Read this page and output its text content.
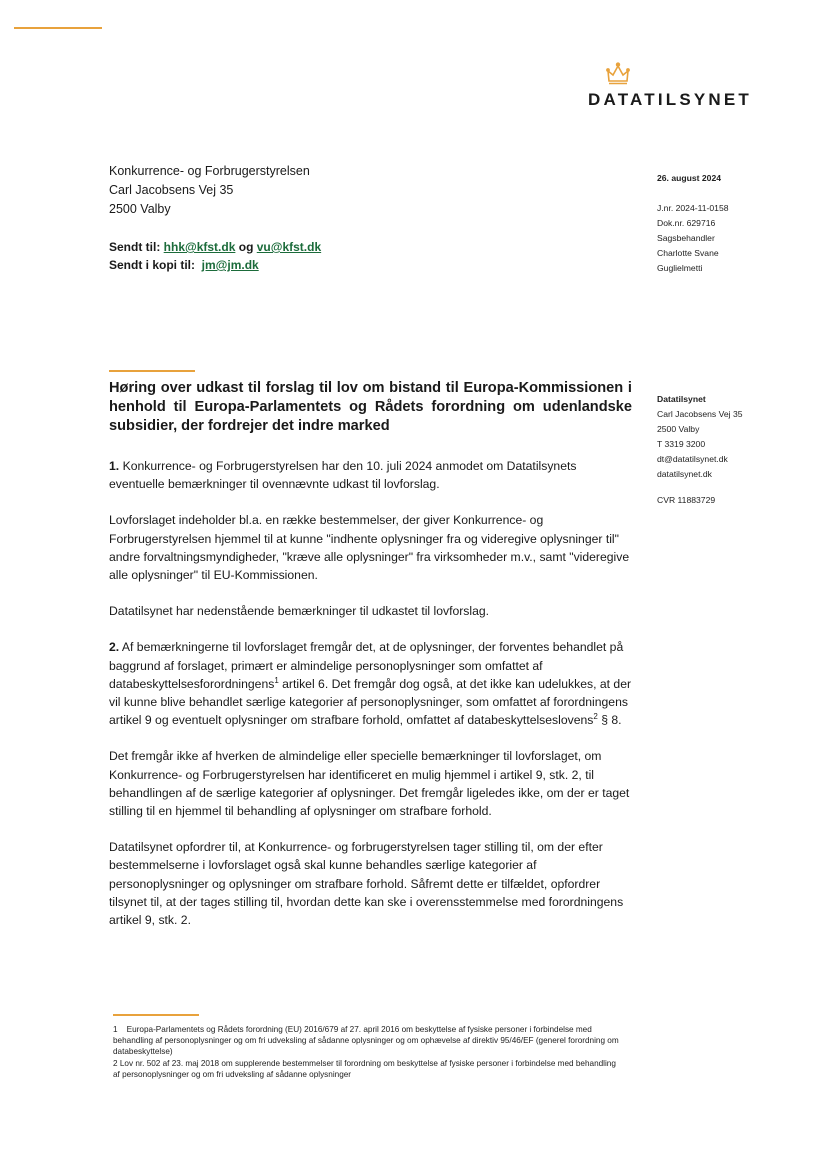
DATATILSYNET
Konkurrence- og Forbrugerstyrelsen
Carl Jacobsens Vej 35
2500 Valby
Sendt til: hhk@kfst.dk og vu@kfst.dk
Sendt i kopi til: jm@jm.dk
26. august 2024
J.nr. 2024-11-0158
Dok.nr. 629716
Sagsbehandler
Charlotte Svane
Guglielmetti
Datatilsynet
Carl Jacobsens Vej 35
2500 Valby
T 3319 3200
dt@datatilsynet.dk
datatilsynet.dk
CVR 11883729
Høring over udkast til forslag til lov om bistand til Europa-Kommissionen i henhold til Europa-Parlamentets og Rådets forordning om udenlandske subsidier, der fordrejer det indre marked

1. Konkurrence- og Forbrugerstyrelsen har den 10. juli 2024 anmodet om Datatilsynets eventuelle bemærkninger til ovennævnte udkast til lovforslag.

Lovforslaget indeholder bl.a. en række bestemmelser, der giver Konkurrence- og Forbrugerstyrelsen hjemmel til at kunne "indhente oplysninger fra og videregive oplysninger til" andre forvaltningsmyndigheder, "kræve alle oplysninger" fra virksomheder m.v., samt "videregive alle oplysninger" til EU-Kommissionen.

Datatilsynet har nedenstående bemærkninger til udkastet til lovforslag.

2. Af bemærkningerne til lovforslaget fremgår det, at de oplysninger, der forventes behandlet på baggrund af forslaget, primært er almindelige personoplysninger som omfattet af databeskyttelsesforordningens$^1$ artikel 6. Det fremgår dog også, at det ikke kan udelukkes, at der vil kunne blive behandlet særlige kategorier af personoplysninger, som omfattet af forordningens artikel 9 og eventuelt oplysninger om strafbare forhold, omfattet af databeskyttelseslovens$^2$ § 8.

Det fremgår ikke af hverken de almindelige eller specielle bemærkninger til lovforslaget, om Konkurrence- og Forbrugerstyrelsen har identificeret en mulig hjemmel i artikel 9, stk. 2, til behandlingen af de særlige kategorier af oplysninger. Det fremgår ligeledes ikke, om der er taget stilling til en hjemmel til behandling af oplysninger om strafbare forhold.

Datatilsynet opfordrer til, at Konkurrence- og forbrugerstyrelsen tager stilling til, om der efter bestemmelserne i lovforslaget også skal kunne behandles særlige kategorier af personoplysninger og oplysninger om strafbare forhold. Såfremt dette er tilfældet, opfordrer tilsynet til, at der tages stilling til, hvordan dette kan ske i overensstemmelse med forordningens artikel 9, stk. 2.

1 Europa-Parlamentets og Rådets forordning (EU) 2016/679 af 27. april 2016 om beskyttelse af fysiske personer i forbindelse med behandling af personoplysninger og om fri udveksling af sådanne oplysninger og om ophævelse af direktiv 95/46/EF (generel forordning om databeskyttelse)
2 Lov nr. 502 af 23. maj 2018 om supplerende bestemmelser til forordning om beskyttelse af fysiske personer i forbindelse med behandling af personoplysninger og om fri udveksling af sådanne oplysninger
